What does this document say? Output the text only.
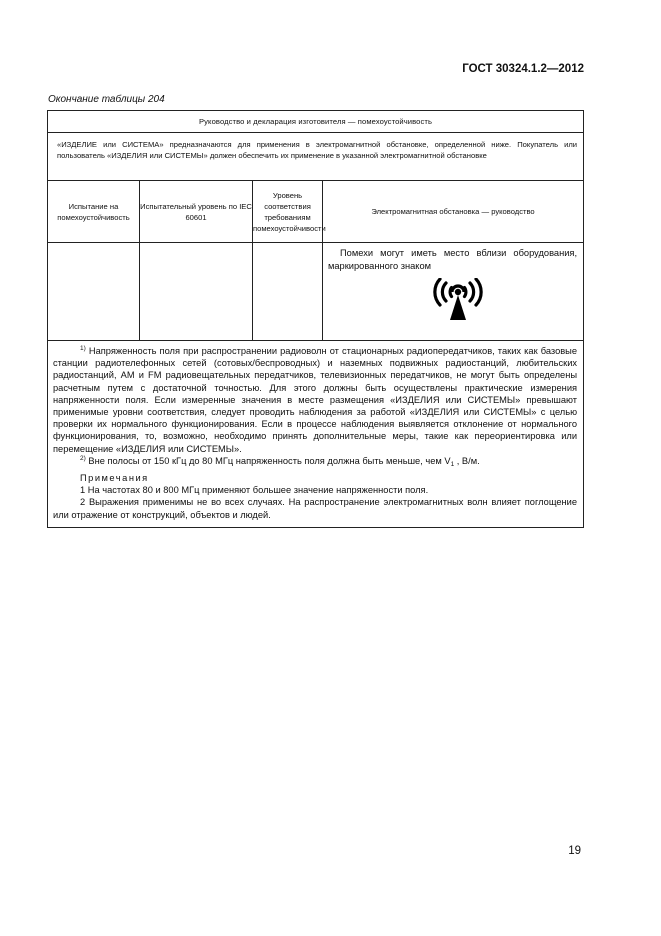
ГОСТ 30324.1.2—2012
Окончание таблицы 204
Руководство и декларация изготовителя — помехоустойчивость			
«ИЗДЕЛИЕ или СИСТЕМА» предназначаются для применения в электромагнитной обстановке, определенной ниже. Покупатель или пользователь «ИЗДЕЛИЯ или СИСТЕМЫ» должен обеспечить их применение в указанной электромагнитной обстановке			
Испытание на помехоустойчивость	Испытательный уровень по IEC 60601	Уровень соответствия требованиям помехоустойчивости	Электромагнитная обстановка — руководство

			Помехи могут иметь место вблизи оборудования, маркированного знаком

$^{1)}$ Напряженность поля при распространении радиоволн от стационарных радиопередатчиков, таких как базовые станции радиотелефонных сетей (сотовых/беспроводных) и наземных подвижных радиостанций, любительских радиостанций, AM и FM радиовещательных передатчиков, телевизионных передатчиков, не могут быть определены расчетным путем с достаточной точностью. Для этого должны быть осуществлены практические измерения напряженности поля. Если измеренные значения в месте размещения «ИЗДЕЛИЯ или СИСТЕМЫ» превышают применимые уровни соответствия, следует проводить наблюдения за работой «ИЗДЕЛИЯ или СИСТЕМЫ» с целью проверки их нормального функционирования. Если в процессе наблюдения выявляется отклонение от нормального функционирования, то, возможно, необходимо принять дополнительные меры, такие как переориентировка или перемещение «ИЗДЕЛИЯ или СИСТЕМЫ».

$^{2)}$ Вне полосы от 150 кГц до 80 МГц напряженность поля должна быть меньше, чем $V_1$ , В/м.

Примечания

1 На частотах 80 и 800 МГц применяют большее значение напряженности поля.

2 Выражения применимы не во всех случаях. На распространение электромагнитных волн влияет поглощение или отражение от конструкций, объектов и людей.			

19
